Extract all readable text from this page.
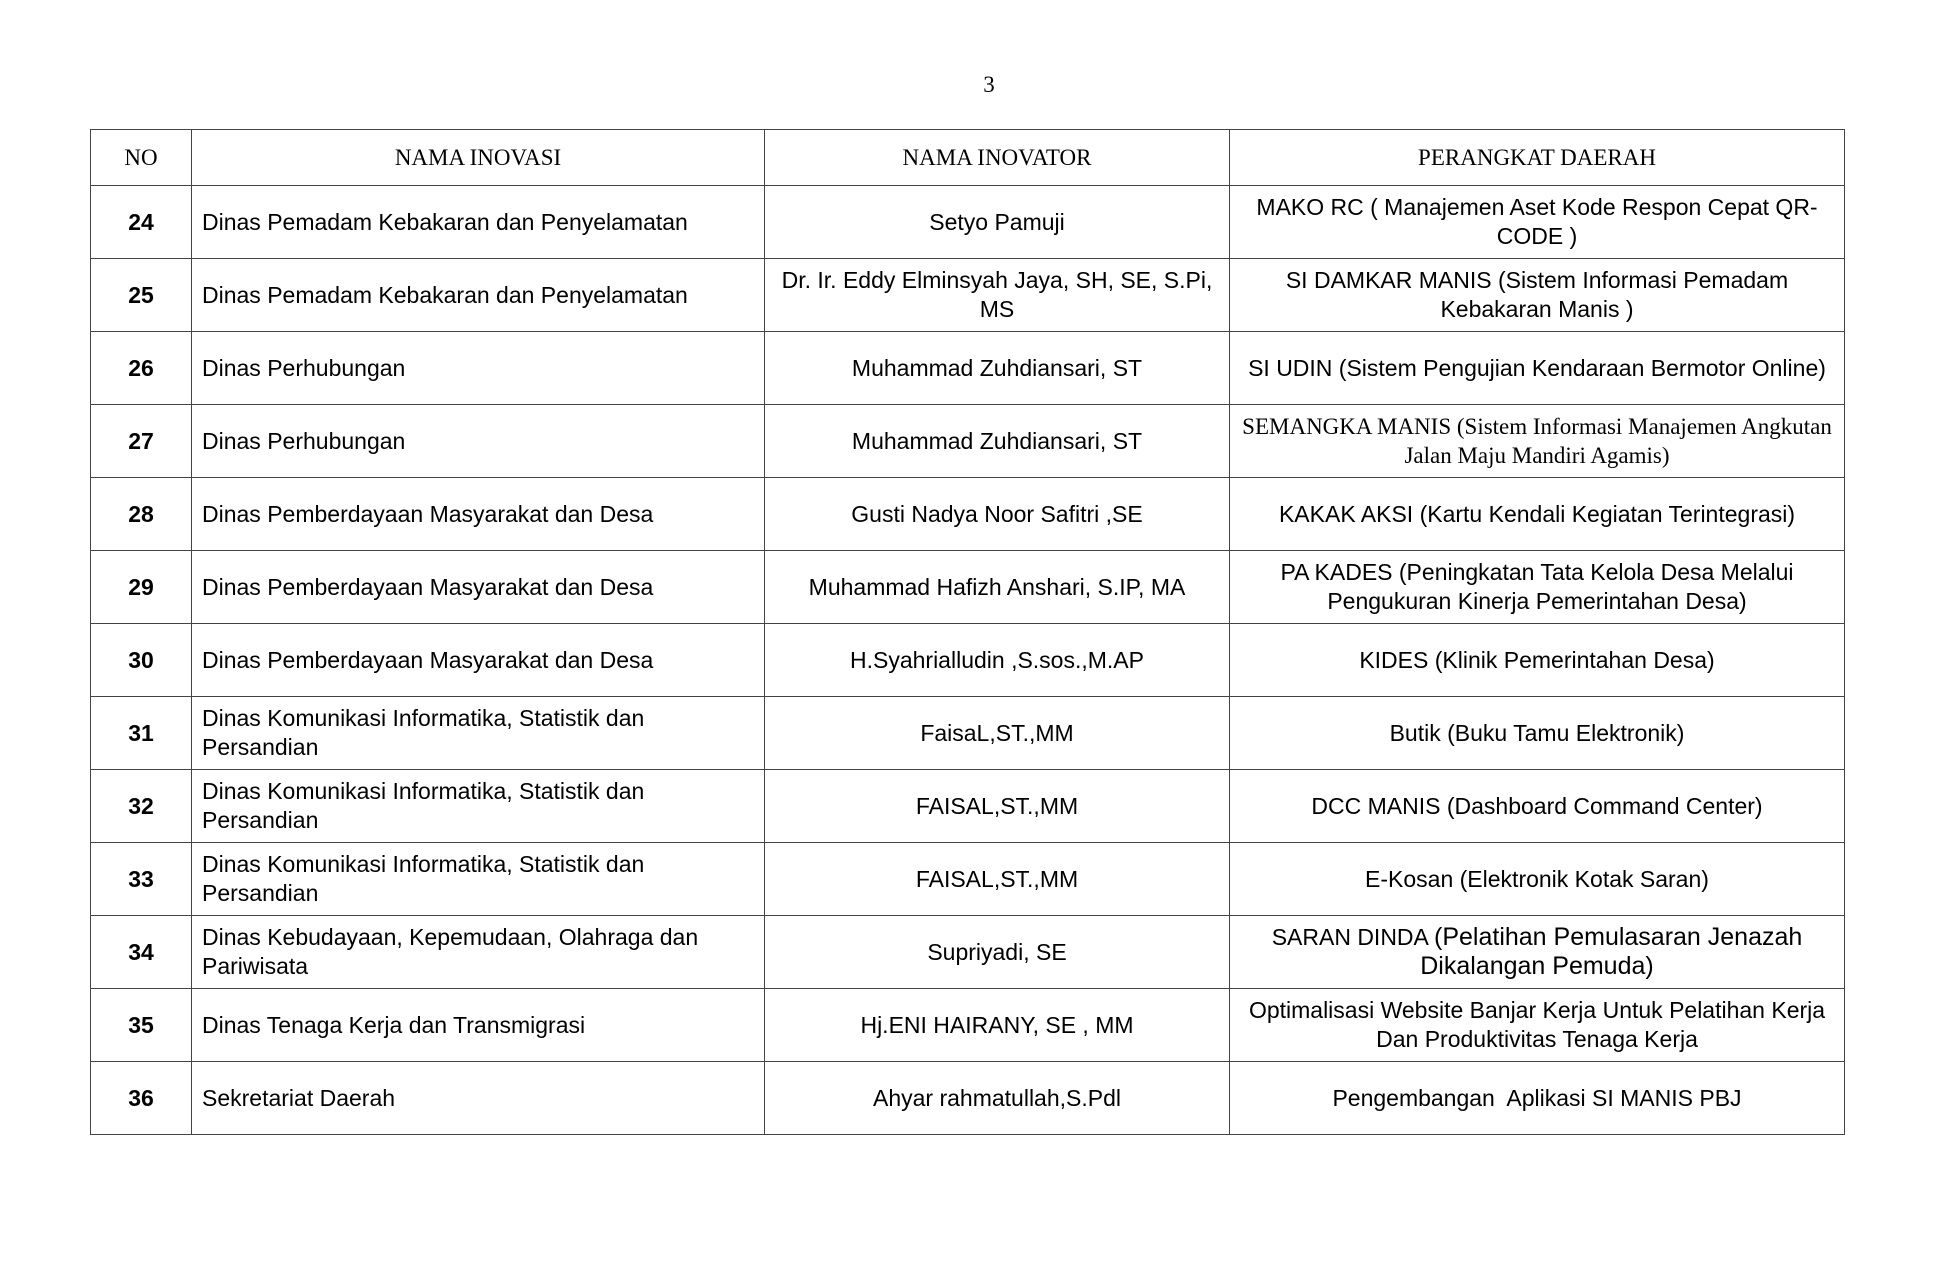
3
NO	NAMA INOVASI	NAMA INOVATOR	PERANGKAT DAERAH
24	Dinas Pemadam Kebakaran dan Penyelamatan	Setyo Pamuji	MAKO RC ( Manajemen Aset Kode Respon Cepat QR-CODE )
25	Dinas Pemadam Kebakaran dan Penyelamatan	Dr. Ir. Eddy Elminsyah Jaya, SH, SE, S.Pi, MS	SI DAMKAR MANIS (Sistem Informasi Pemadam Kebakaran Manis )
26	Dinas Perhubungan	Muhammad Zuhdiansari, ST	SI UDIN (Sistem Pengujian Kendaraan Bermotor Online)
27	Dinas Perhubungan	Muhammad Zuhdiansari, ST	SEMANGKA MANIS (Sistem Informasi Manajemen Angkutan Jalan Maju Mandiri Agamis)
28	Dinas Pemberdayaan Masyarakat dan Desa	Gusti Nadya Noor Safitri ,SE	KAKAK AKSI (Kartu Kendali Kegiatan Terintegrasi)
29	Dinas Pemberdayaan Masyarakat dan Desa	Muhammad Hafizh Anshari, S.IP, MA	PA KADES (Peningkatan Tata Kelola Desa Melalui Pengukuran Kinerja Pemerintahan Desa)
30	Dinas Pemberdayaan Masyarakat dan Desa	H.Syahrialludin ,S.sos.,M.AP	KIDES (Klinik Pemerintahan Desa)
31	Dinas Komunikasi Informatika, Statistik dan Persandian	FaisaL,ST.,MM	Butik (Buku Tamu Elektronik)
32	Dinas Komunikasi Informatika, Statistik dan Persandian	FAISAL,ST.,MM	DCC MANIS (Dashboard Command Center)
33	Dinas Komunikasi Informatika, Statistik dan Persandian	FAISAL,ST.,MM	E-Kosan (Elektronik Kotak Saran)
34	Dinas Kebudayaan, Kepemudaan, Olahraga dan Pariwisata	Supriyadi, SE	SARAN DINDA (Pelatihan Pemulasaran Jenazah Dikalangan Pemuda)
35	Dinas Tenaga Kerja dan Transmigrasi	Hj.ENI HAIRANY, SE , MM	Optimalisasi Website Banjar Kerja Untuk Pelatihan Kerja Dan Produktivitas Tenaga Kerja
36	Sekretariat Daerah	Ahyar rahmatullah,S.Pdl	Pengembangan  Aplikasi SI MANIS PBJ
